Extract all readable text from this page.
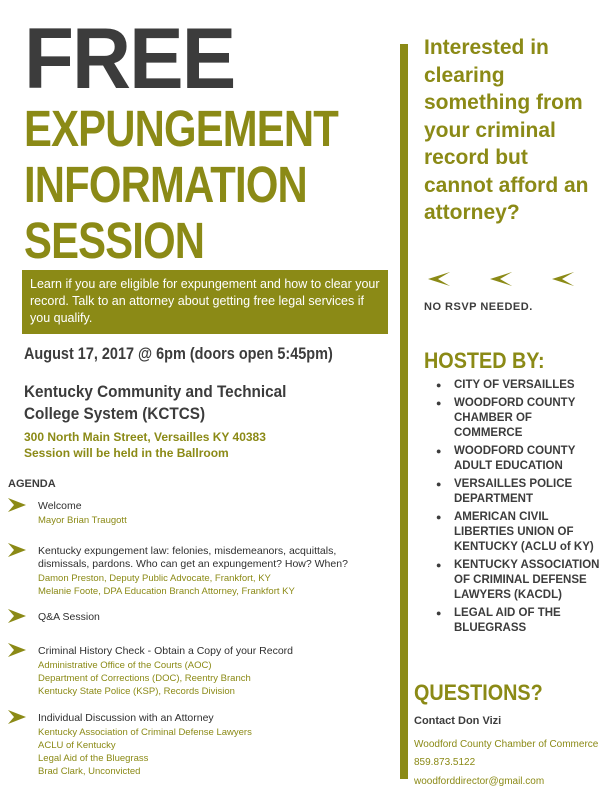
FREE
EXPUNGEMENT
INFORMATION
SESSION
Learn if you are eligible for expungement and how to clear your record. Talk to an attorney about getting free legal services if you qualify.
August 17, 2017 @ 6pm (doors open 5:45pm)
Kentucky Community and Technical College System (KCTCS)
300 North Main Street, Versailles KY 40383
Session will be held in the Ballroom
AGENDA
Welcome
Mayor Brian Traugott
Kentucky expungement law: felonies, misdemeanors, acquittals, dismissals, pardons. Who can get an expungement? How? When?
Damon Preston, Deputy Public Advocate, Frankfort, KY
Melanie Foote, DPA Education Branch Attorney, Frankfort KY
Q&A Session
Criminal History Check - Obtain a Copy of your Record
Administrative Office of the Courts (AOC)
Department of Corrections (DOC), Reentry Branch
Kentucky State Police (KSP), Records Division
Individual Discussion with an Attorney
Kentucky Association of Criminal Defense Lawyers
ACLU of Kentucky
Legal Aid of the Bluegrass
Brad Clark, Unconvicted
Interested in clearing something from your criminal record but cannot afford an attorney?
NO RSVP NEEDED.
HOSTED BY:
● CITY OF VERSAILLES
● WOODFORD COUNTY CHAMBER OF COMMERCE
● WOODFORD COUNTY ADULT EDUCATION
● VERSAILLES POLICE DEPARTMENT
● AMERICAN CIVIL LIBERTIES UNION OF KENTUCKY (ACLU of KY)
● KENTUCKY ASSOCIATION OF CRIMINAL DEFENSE LAWYERS (KACDL)
● LEGAL AID OF THE BLUEGRASS
QUESTIONS?
Contact Don Vizi
Woodford County Chamber of Commerce
859.873.5122
woodforddirector@gmail.com
